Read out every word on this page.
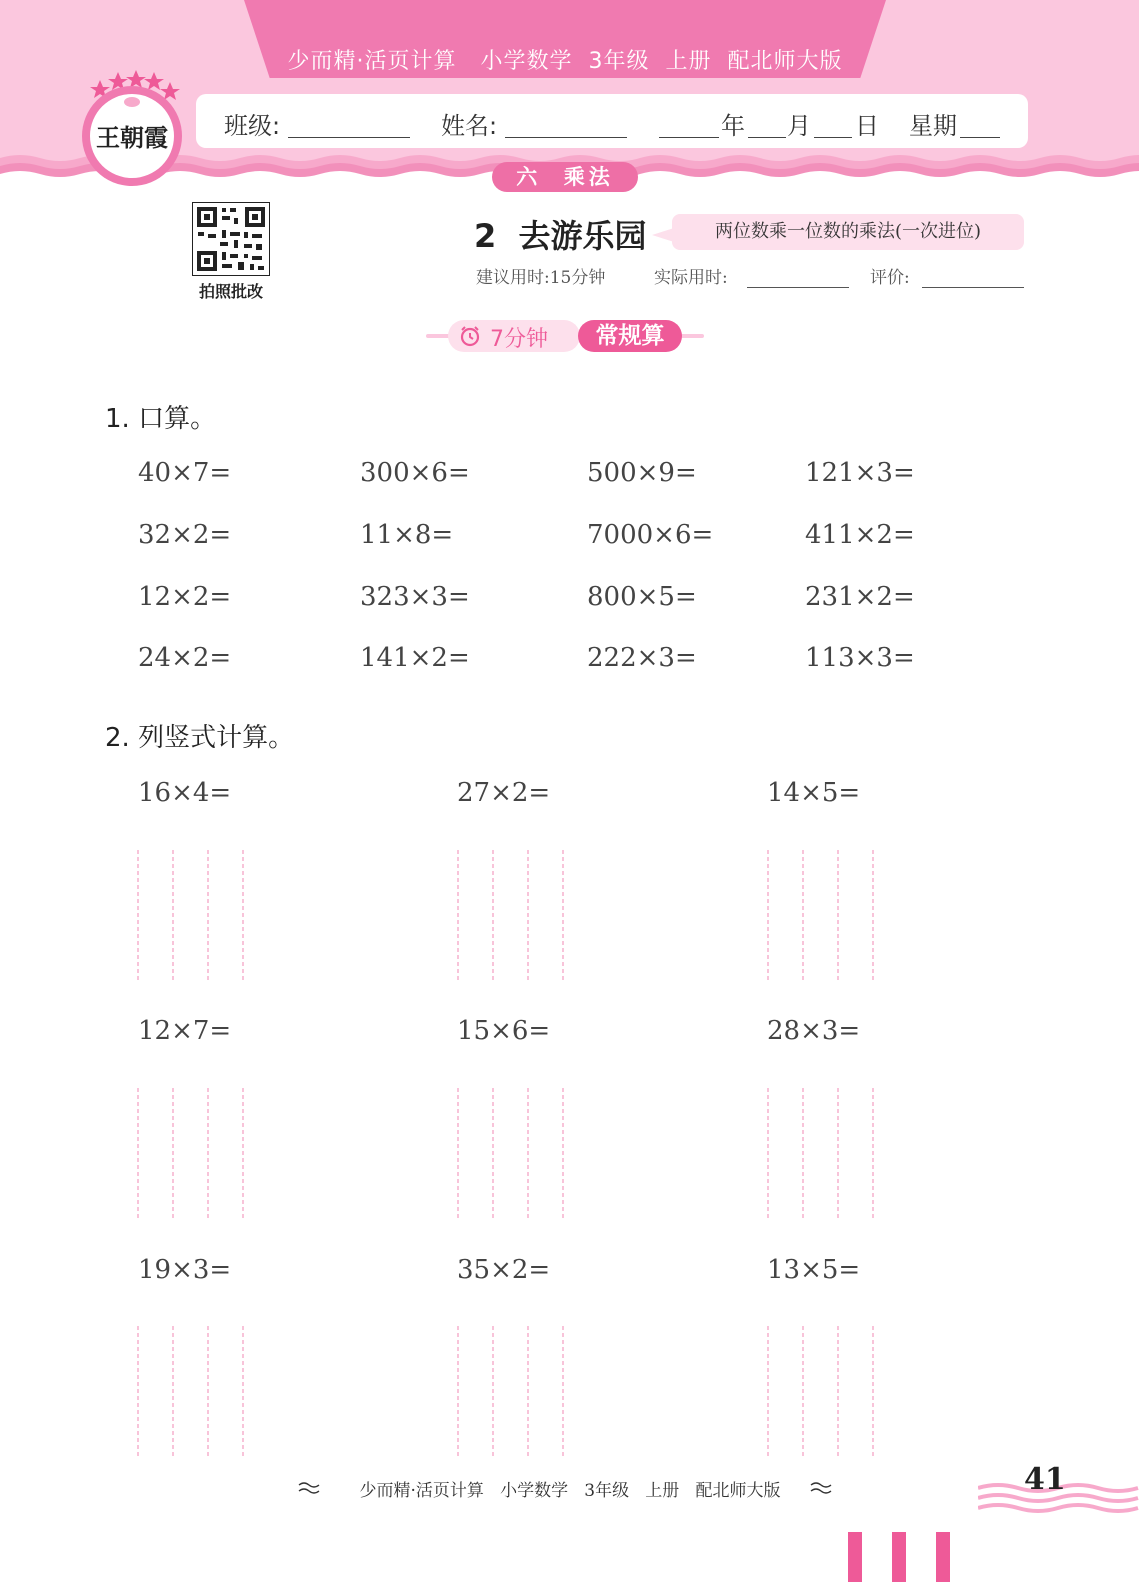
少而精·活页计算   小学数学  3年级  上册  配北师大版
班级:	姓名:	年 月 日 星期
王朝霞
六  乘法
拍照批改
2  去游乐园	两位数乘一位数的乘法(一次进位)
建议用时:15分钟	实际用时:	评价:
7分钟	常规算
1. 口算。
40×7=	300×6=	500×9=	121×3=
32×2=	11×8=	7000×6=	411×2=
12×2=	323×3=	800×5=	231×2=
24×2=	141×2=	222×3=	113×3=
2. 列竖式计算。
16×4=	27×2=	14×5=
12×7=	15×6=	28×3=
19×3=	35×2=	13×5=
少而精·活页计算   小学数学   3年级   上册   配北师大版	41
